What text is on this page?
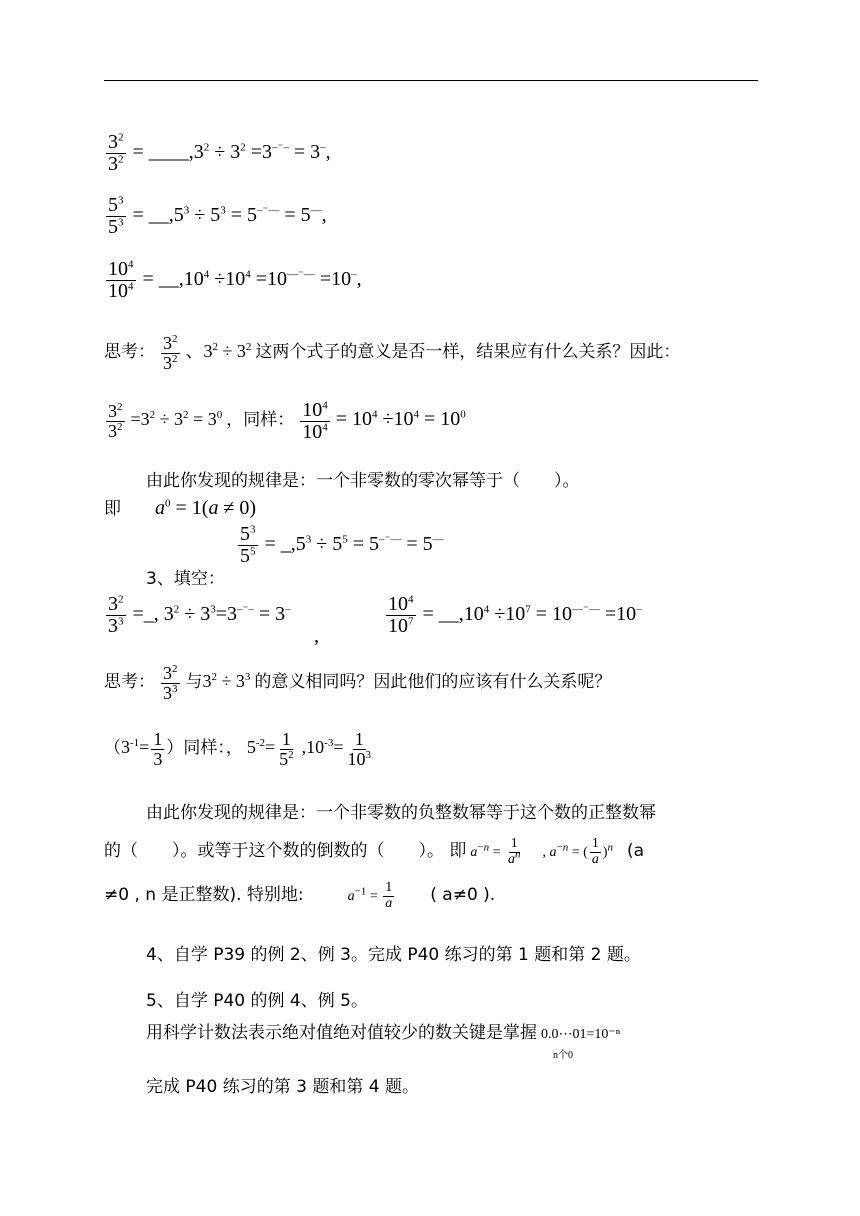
$\frac{3^2}{3^2}$ = $\_\_\_\_,3^2 \div 3^2 =3^{-^--} = 3^-$,
$\frac{5^3}{5^3}$ = $\_\_,5^3 \div 5^3 = 5^{-^-—} = 5^—$,
$\frac{10^4}{10^4}$ = $\_\_,10^4 \div 10^4 =10^{—^-—} =10^-$,
思考： $\frac{3^2}{3^2}$ 、$3^2 \div 3^2$ 这两个式子的意义是否一样，结果应有什么关系？因此：
$\frac{3^2}{3^2} =3^2 \div 3^2 = 3^0$ ，同样： $\frac{10^4}{10^4} = 10^4 \div 10^4 = 10^0$
由此你发现的规律是：一个非零数的零次幂等于（　　）。
即 $a^0 = 1(a \ne 0)$
$\frac{5^3}{5^5}$ = $\_,5^3 \div 5^5 = 5^{-^-—} = 5^—$
3、填空：
$\frac{3^2}{3^3}$ =_, $3^2 \div 3^3=3^{-^--} = 3^-$
,	$\frac{10^4}{10^7}$ = $\_\_,10^4 \div 10^7 = 10^{—^-—} =10^-$
思考： $\frac{3^2}{3^3}$ 与$3^2 \div 3^3$ 的意义相同吗？因此他们的应该有什么关系呢？
（$3^{-1}= \frac{1}{3}$ ）同样：， $5^{-2}= \frac{1}{5^2} ,10^{-3}= \frac{1}{10^3}$
由此你发现的规律是：一个非零数的负整数幂等于这个数的正整数幂
的（　　）。或等于这个数的倒数的（　　）。 即 $a^{-n} = \frac{1}{a^n}$ , $a^{-n}$ = ( $\frac{1}{a} )^n$ (a
≠0 , n 是正整数). 特别地:	$a^{-1} = \frac{1}{a}$ ( a≠0 ).
4、自学 P39 的例 2、例 3。完成 P40 练习的第 1 题和第 2 题。
5、自学 P40 的例 4、例 5。
用科学计数法表示绝对值绝对值较少的数关键是掌握 0.0⋯01=10⁻ⁿ
n个0
完成 P40 练习的第 3 题和第 4 题。
